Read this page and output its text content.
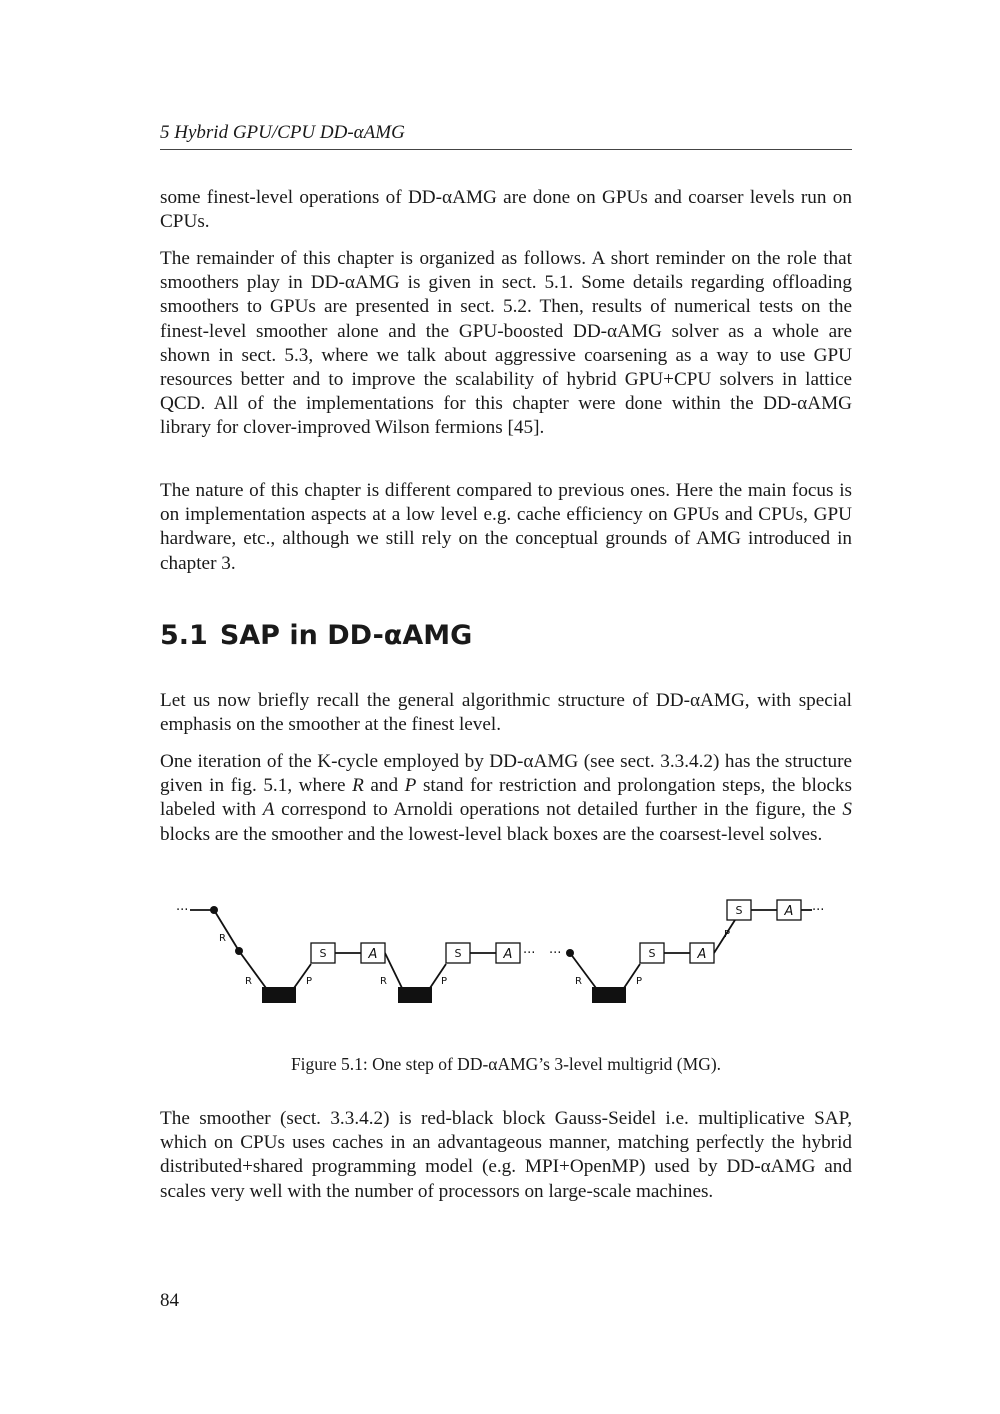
5 Hybrid GPU/CPU DD-αAMG

some finest-level operations of DD-αAMG are done on GPUs and coarser levels run on CPUs.

The remainder of this chapter is organized as follows. A short reminder on the role that smoothers play in DD-αAMG is given in sect. 5.1. Some details regarding offloading smoothers to GPUs are presented in sect. 5.2. Then, results of numerical tests on the finest-level smoother alone and the GPU-boosted DD-αAMG solver as a whole are shown in sect. 5.3, where we talk about aggressive coarsening as a way to use GPU resources better and to improve the scalability of hybrid GPU+CPU solvers in lattice QCD. All of the implementations for this chapter were done within the DD-αAMG library for clover-improved Wilson fermions [45].

The nature of this chapter is different compared to previous ones. Here the main focus is on implementation aspects at a low level e.g. cache efficiency on GPUs and CPUs, GPU hardware, etc., although we still rely on the conceptual grounds of AMG introduced in chapter 3.

5.1 SAP in DD-αAMG

Let us now briefly recall the general algorithmic structure of DD-αAMG, with special emphasis on the smoother at the finest level.

One iteration of the K-cycle employed by DD-αAMG (see sect. 3.3.4.2) has the structure given in fig. 5.1, where R and P stand for restriction and prolongation steps, the blocks labeled with A correspond to Arnoldi operations not detailed further in the figure, the S blocks are the smoother and the lowest-level black boxes are the coarsest-level solves.

S	S	S
S
A	A	A
A
R
R	R	R
P	P	P
P
···
··· ···
···
Figure 5.1: One step of DD-αAMG’s 3-level multigrid (MG).

The smoother (sect. 3.3.4.2) is red-black block Gauss-Seidel i.e. multiplicative SAP, which on CPUs uses caches in an advantageous manner, matching perfectly the hybrid distributed+shared programming model (e.g. MPI+OpenMP) used by DD-αAMG and scales very well with the number of processors on large-scale machines.

84
